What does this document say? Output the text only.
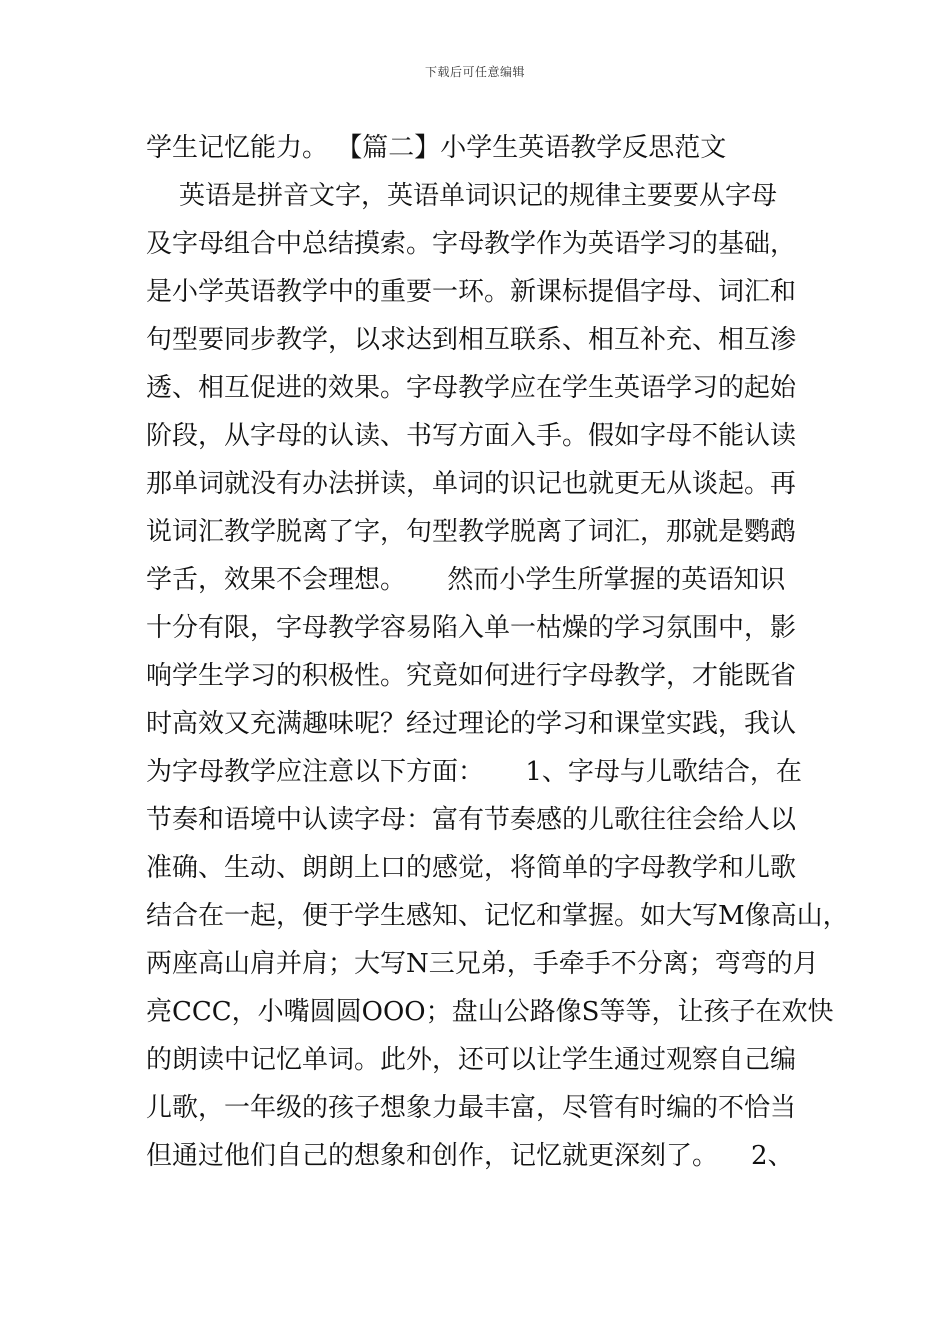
下载后可任意编辑
学生记忆能力。 【篇二】小学生英语教学反思范文
英语是拼音文字，英语单词识记的规律主要要从字母
及字母组合中总结摸索。字母教学作为英语学习的基础，
是小学英语教学中的重要一环。新课标提倡字母、词汇和
句型要同步教学，以求达到相互联系、相互补充、相互渗
透、相互促进的效果。字母教学应在学生英语学习的起始
阶段，从字母的认读、书写方面入手。假如字母不能认读
那单词就没有办法拼读，单词的识记也就更无从谈起。再
说词汇教学脱离了字，句型教学脱离了词汇，那就是鹦鹉
学舌，效果不会理想。     然而小学生所掌握的英语知识
十分有限，字母教学容易陷入单一枯燥的学习氛围中，影
响学生学习的积极性。究竟如何进行字母教学，才能既省
时高效又充满趣味呢？经过理论的学习和课堂实践，我认
为字母教学应注意以下方面：     1、字母与儿歌结合，在
节奏和语境中认读字母：富有节奏感的儿歌往往会给人以
准确、生动、朗朗上口的感觉，将简单的字母教学和儿歌
结合在一起，便于学生感知、记忆和掌握。如大写M像高山，
两座高山肩并肩；大写N三兄弟，手牵手不分离；弯弯的月
亮CCC，小嘴圆圆OOO；盘山公路像S等等，让孩子在欢快
的朗读中记忆单词。此外，还可以让学生通过观察自己编
儿歌，一年级的孩子想象力最丰富，尽管有时编的不恰当
但通过他们自己的想象和创作，记忆就更深刻了。    2、
